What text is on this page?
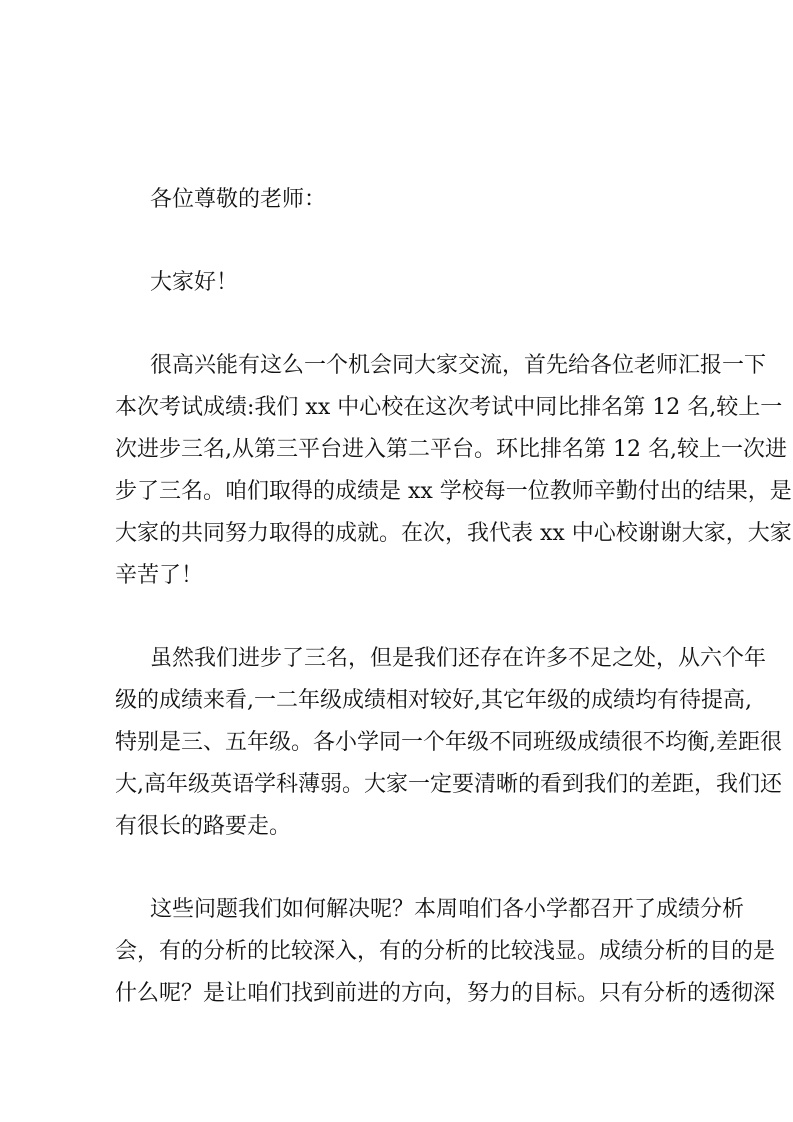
各位尊敬的老师：
大家好！
很高兴能有这么一个机会同大家交流，首先给各位老师汇报一下
本次考试成绩:我们 xx 中心校在这次考试中同比排名第 12 名,较上一
次进步三名,从第三平台进入第二平台。环比排名第 12 名,较上一次进
步了三名。咱们取得的成绩是 xx 学校每一位教师辛勤付出的结果，是
大家的共同努力取得的成就。在次，我代表 xx 中心校谢谢大家，大家
辛苦了！
虽然我们进步了三名，但是我们还存在许多不足之处，从六个年
级的成绩来看,一二年级成绩相对较好,其它年级的成绩均有待提高,
特别是三、五年级。各小学同一个年级不同班级成绩很不均衡,差距很
大,高年级英语学科薄弱。大家一定要清晰的看到我们的差距，我们还
有很长的路要走。
这些问题我们如何解决呢？本周咱们各小学都召开了成绩分析
会，有的分析的比较深入，有的分析的比较浅显。成绩分析的目的是
什么呢？是让咱们找到前进的方向，努力的目标。只有分析的透彻深
